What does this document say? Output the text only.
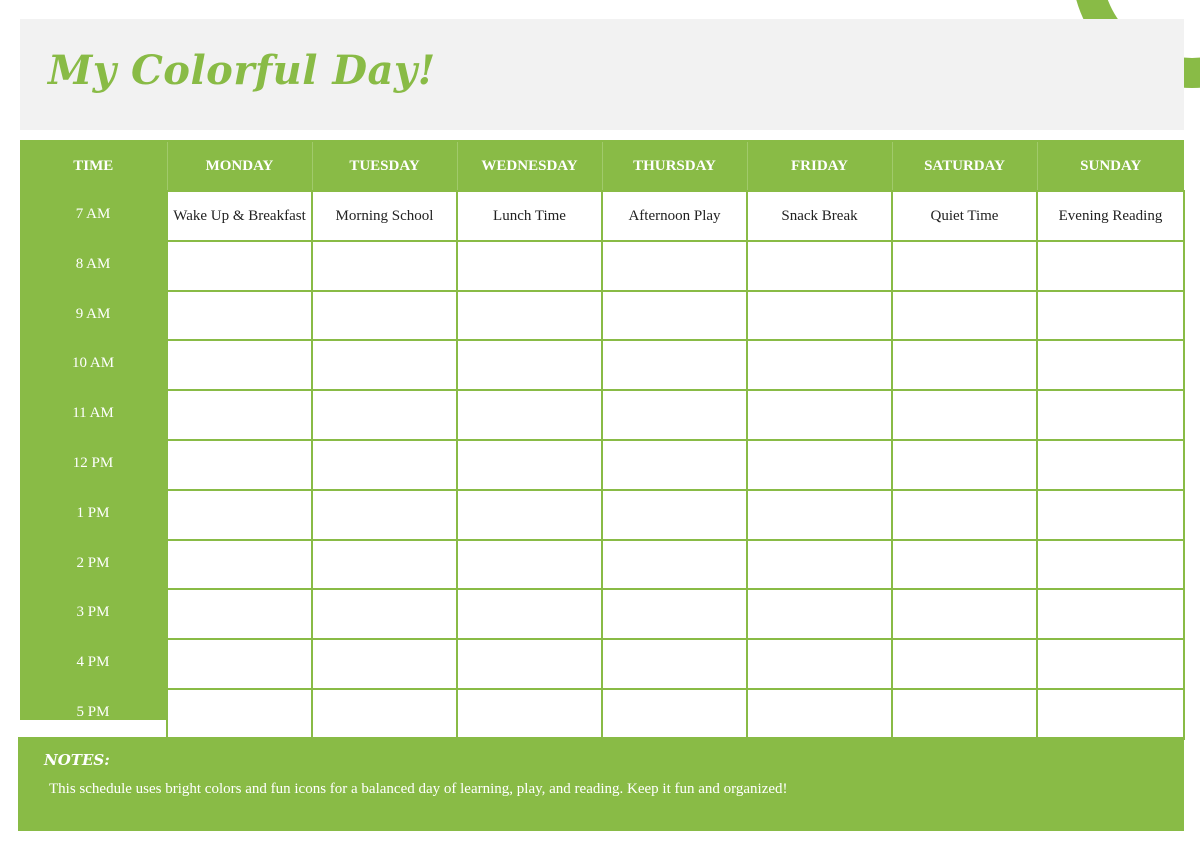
My Colorful Day!
TIME	MONDAY	TUESDAY	WEDNESDAY	THURSDAY	FRIDAY	SATURDAY	SUNDAY
7 AM	Wake Up & Breakfast	Morning School	Lunch Time	Afternoon Play	Snack Break	Quiet Time	Evening Reading
8 AM							
9 AM							
10 AM							
11 AM							
12 PM							
1 PM							
2 PM							
3 PM							
4 PM							
5 PM							

NOTES:

This schedule uses bright colors and fun icons for a balanced day of learning, play, and reading. Keep it fun and organized!
